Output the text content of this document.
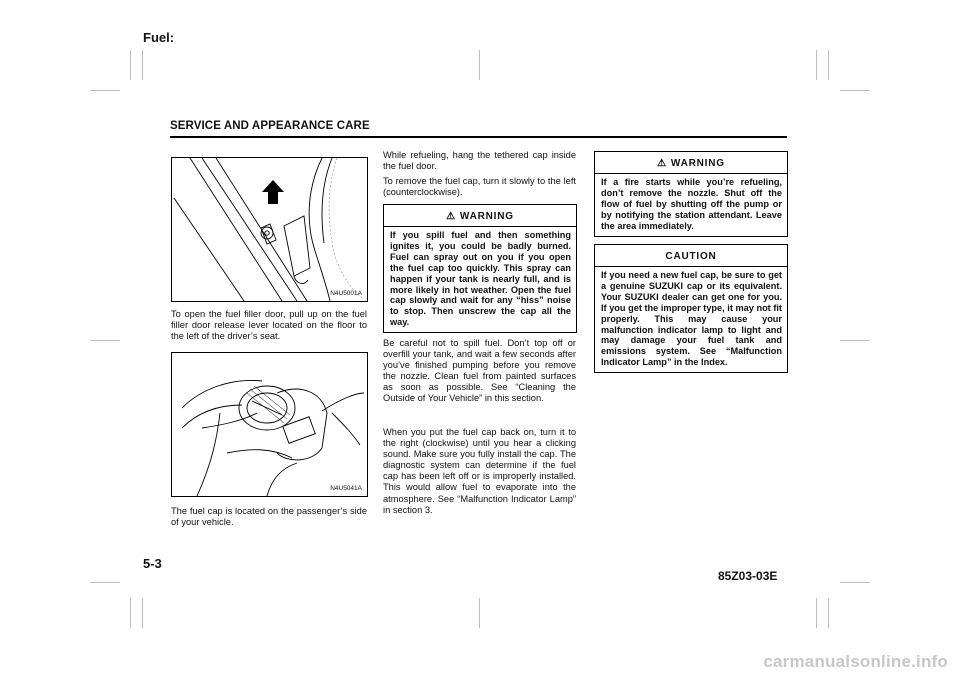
Fuel:
SERVICE AND APPEARANCE CARE
N4U5001A

To open the fuel filler door, pull up on the fuel filler door release lever located on the floor to the left of the driver’s seat.

N4U5041A

The fuel cap is located on the passenger’s side of your vehicle.

While refueling, hang the tethered cap inside the fuel door.

To remove the fuel cap, turn it slowly to the left (counterclockwise).

⚠ WARNING

If you spill fuel and then something ignites it, you could be badly burned. Fuel can spray out on you if you open the fuel cap too quickly. This spray can happen if your tank is nearly full, and is more likely in hot weather. Open the fuel cap slowly and wait for any “hiss” noise to stop. Then unscrew the cap all the way.

Be careful not to spill fuel. Don’t top off or overfill your tank, and wait a few seconds after you’ve finished pumping before you remove the nozzle. Clean fuel from painted surfaces as soon as possible. See “Cleaning the Outside of Your Vehicle” in this section.

When you put the fuel cap back on, turn it to the right (clockwise) until you hear a clicking sound. Make sure you fully install the cap. The diagnostic system can determine if the fuel cap has been left off or is improperly installed. This would allow fuel to evaporate into the atmosphere. See “Malfunction Indicator Lamp” in section 3.

⚠ WARNING

If a fire starts while you’re refueling, don’t remove the nozzle. Shut off the flow of fuel by shutting off the pump or by notifying the station attendant. Leave the area immediately.

CAUTION

If you need a new fuel cap, be sure to get a genuine SUZUKI cap or its equivalent. Your SUZUKI dealer can get one for you. If you get the improper type, it may not fit properly. This may cause your malfunction indicator lamp to light and may damage your fuel tank and emissions system. See “Malfunction Indicator Lamp” in the Index.

5-3
85Z03-03E
carmanualsonline.info
